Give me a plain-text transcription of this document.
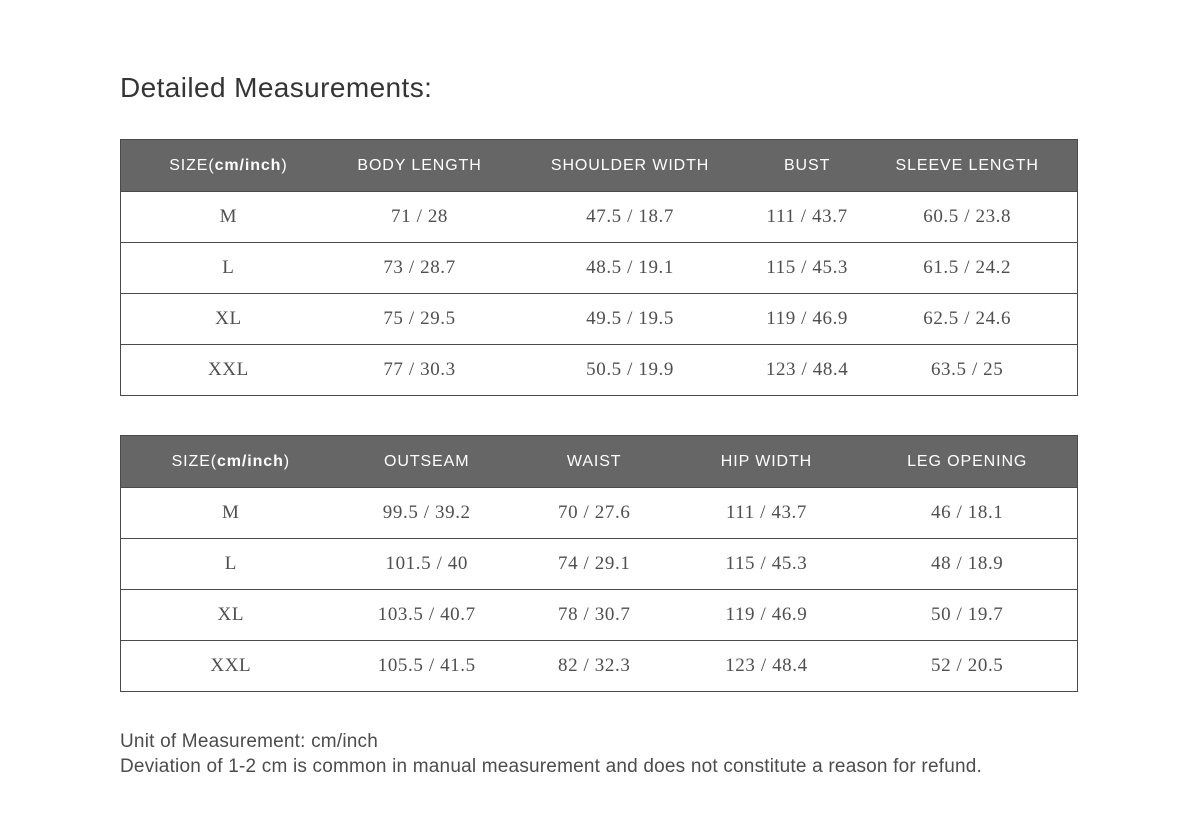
Detailed Measurements:
SIZE(cm/inch)	BODY LENGTH	SHOULDER WIDTH	BUST	SLEEVE LENGTH
M	71 / 28	47.5 / 18.7	111 / 43.7	60.5 / 23.8
L	73 / 28.7	48.5 / 19.1	115 / 45.3	61.5 / 24.2
XL	75 / 29.5	49.5 / 19.5	119 / 46.9	62.5 / 24.6
XXL	77 / 30.3	50.5 / 19.9	123 / 48.4	63.5 / 25
SIZE(cm/inch)	OUTSEAM	WAIST	HIP WIDTH	LEG OPENING
M	99.5 / 39.2	70 / 27.6	111 / 43.7	46 / 18.1
L	101.5 / 40	74 / 29.1	115 / 45.3	48 / 18.9
XL	103.5 / 40.7	78 / 30.7	119 / 46.9	50 / 19.7
XXL	105.5 / 41.5	82 / 32.3	123 / 48.4	52 / 20.5
Unit of Measurement: cm/inch
Deviation of 1-2 cm is common in manual measurement and does not constitute a reason for refund.
